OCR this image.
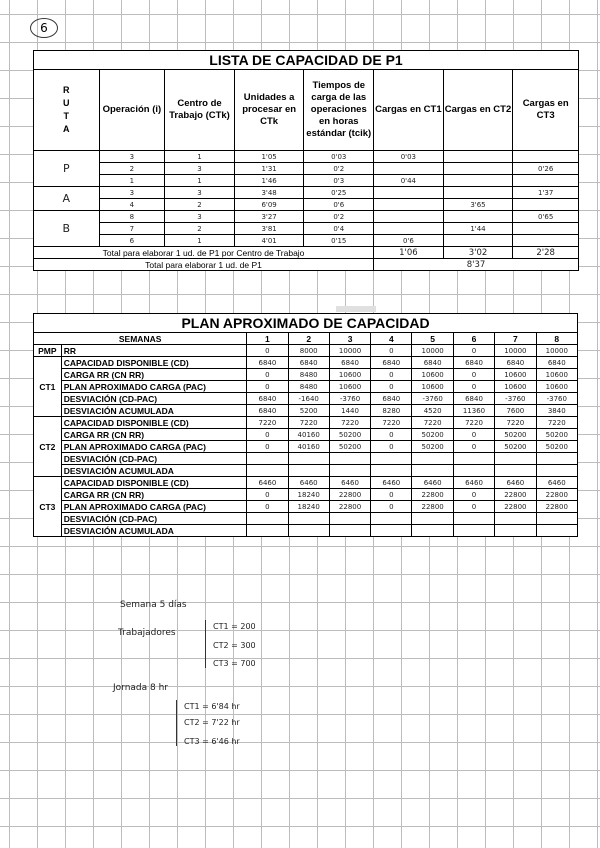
6
LISTA DE CAPACIDAD DE P1							

R
U
T
A	Operación (i)	Centro de Trabajo (CTk)	Unidades a procesar en CTk	Tiempos de carga de las operaciones en horas estándar (tcik)	Cargas en CT1	Cargas en CT2	Cargas en CT3
P	3	1	1'05	0'03	0'03		
	2	3	1'31	0'2			0'26
	1	1	1'46	0'3	0'44		
A	3	3	3'48	0'25			1'37
	4	2	6'09	0'6		3'65	
B	8	3	3'27	0'2			0'65
	7	2	3'81	0'4		1'44	
	6	1	4'01	0'15	0'6		
Total para elaborar 1 ud. de P1 por Centro de Trabajo					1'06	3'02	2'28
Total para elaborar 1 ud. de P1					8'37		
PLAN APROXIMADO DE CAPACIDAD									
SEMANAS		1	2	3	4	5	6	7	8
PMP	RR	0	8000	10000	0	10000	0	10000	10000
CT1	CAPACIDAD DISPONIBLE (CD)	6840	6840	6840	6840	6840	6840	6840	6840
	CARGA RR (CN RR)	0	8480	10600	0	10600	0	10600	10600
	PLAN APROXIMADO CARGA (PAC)	0	8480	10600	0	10600	0	10600	10600
	DESVIACIÓN (CD-PAC)	6840	-1640	-3760	6840	-3760	6840	-3760	-3760
	DESVIACIÓN ACUMULADA	6840	5200	1440	8280	4520	11360	7600	3840
CT2	CAPACIDAD DISPONIBLE (CD)	7220	7220	7220	7220	7220	7220	7220	7220
	CARGA RR (CN RR)	0	40160	50200	0	50200	0	50200	50200
	PLAN APROXIMADO CARGA (PAC)	0	40160	50200	0	50200	0	50200	50200
	DESVIACIÓN (CD-PAC)								
	DESVIACIÓN ACUMULADA								
CT3	CAPACIDAD DISPONIBLE (CD)	6460	6460	6460	6460	6460	6460	6460	6460
	CARGA RR (CN RR)	0	18240	22800	0	22800	0	22800	22800
	PLAN APROXIMADO CARGA (PAC)	0	18240	22800	0	22800	0	22800	22800
	DESVIACIÓN (CD-PAC)								
	DESVIACIÓN ACUMULADA								
Semana 5 días
Trabajadores
CT1 = 200
CT2 = 300
CT3 = 700
Jornada 8 hr
CT1 = 6'84 hr
CT2 = 7'22 hr
CT3 = 6'46 hr
